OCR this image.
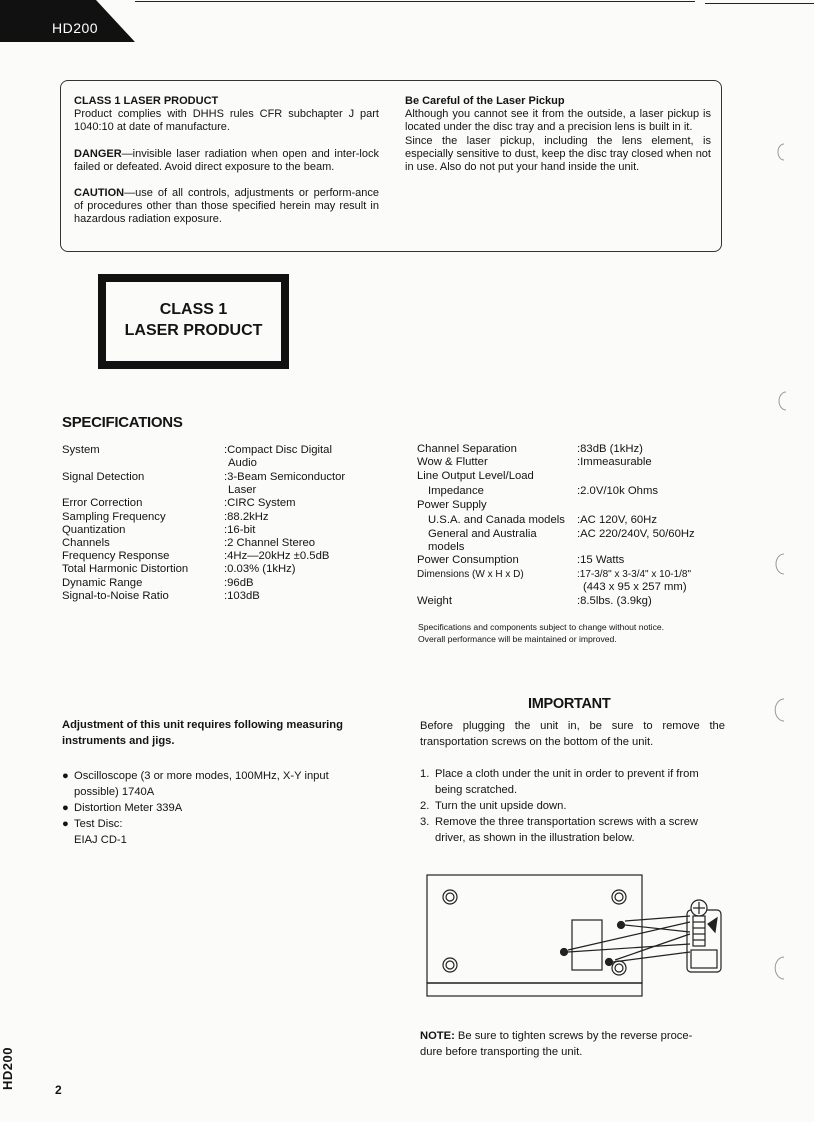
HD200
CLASS 1 LASER PRODUCT

Product complies with DHHS rules CFR subchapter J part 1040:10 at date of manufacture.

DANGER—invisible laser radiation when open and inter-lock failed or defeated. Avoid direct exposure to the beam.

CAUTION—use of all controls, adjustments or perform-ance of procedures other than those specified herein may result in hazardous radiation exposure.

Be Careful of the Laser Pickup
Although you cannot see it from the outside, a laser pickup is located under the disc tray and a precision lens is built in it.
Since the laser pickup, including the lens element, is especially sensitive to dust, keep the disc tray closed when not in use. Also do not put your hand inside the unit.
CLASS 1
LASER PRODUCT
SPECIFICATIONS
System	:Compact Disc Digital
Audio
Signal Detection	:3-Beam Semiconductor
Laser
Error Correction	:CIRC System
Sampling Frequency	:88.2kHz
Quantization	:16-bit
Channels	:2 Channel Stereo
Frequency Response	:4Hz—20kHz ±0.5dB
Total Harmonic Distortion	:0.03% (1kHz)
Dynamic Range	:96dB
Signal-to-Noise Ratio	:103dB
Channel Separation	:83dB (1kHz)
Wow & Flutter	:Immeasurable
Line Output Level/Load
Impedance	:2.0V/10k Ohms
Power Supply
U.S.A. and Canada models :AC 120V, 60Hz
General and Australia	:AC 220/240V, 50/60Hz
models
Power Consumption	:15 Watts
Dimensions (W x H x D)	:17-3/8" x 3-3/4" x 10-1/8"
(443 x 95 x 257 mm)
Weight	:8.5lbs. (3.9kg)
Specifications and components subject to change without notice.
Overall performance will be maintained or improved.
Adjustment of this unit requires following measuring
instruments and jigs.
● Oscilloscope (3 or more modes, 100MHz, X-Y input
possible) 1740A
● Distortion Meter 339A
● Test Disc:
EIAJ CD-1
IMPORTANT
Before plugging the unit in, be sure to remove the
transportation screws on the bottom of the unit.
1. Place a cloth under the unit in order to prevent if from
being scratched.
2. Turn the unit upside down.
3. Remove the three transportation screws with a screw
driver, as shown in the illustration below.
NOTE: Be sure to tighten screws by the reverse proce-
dure before transporting the unit.
HD200	2
